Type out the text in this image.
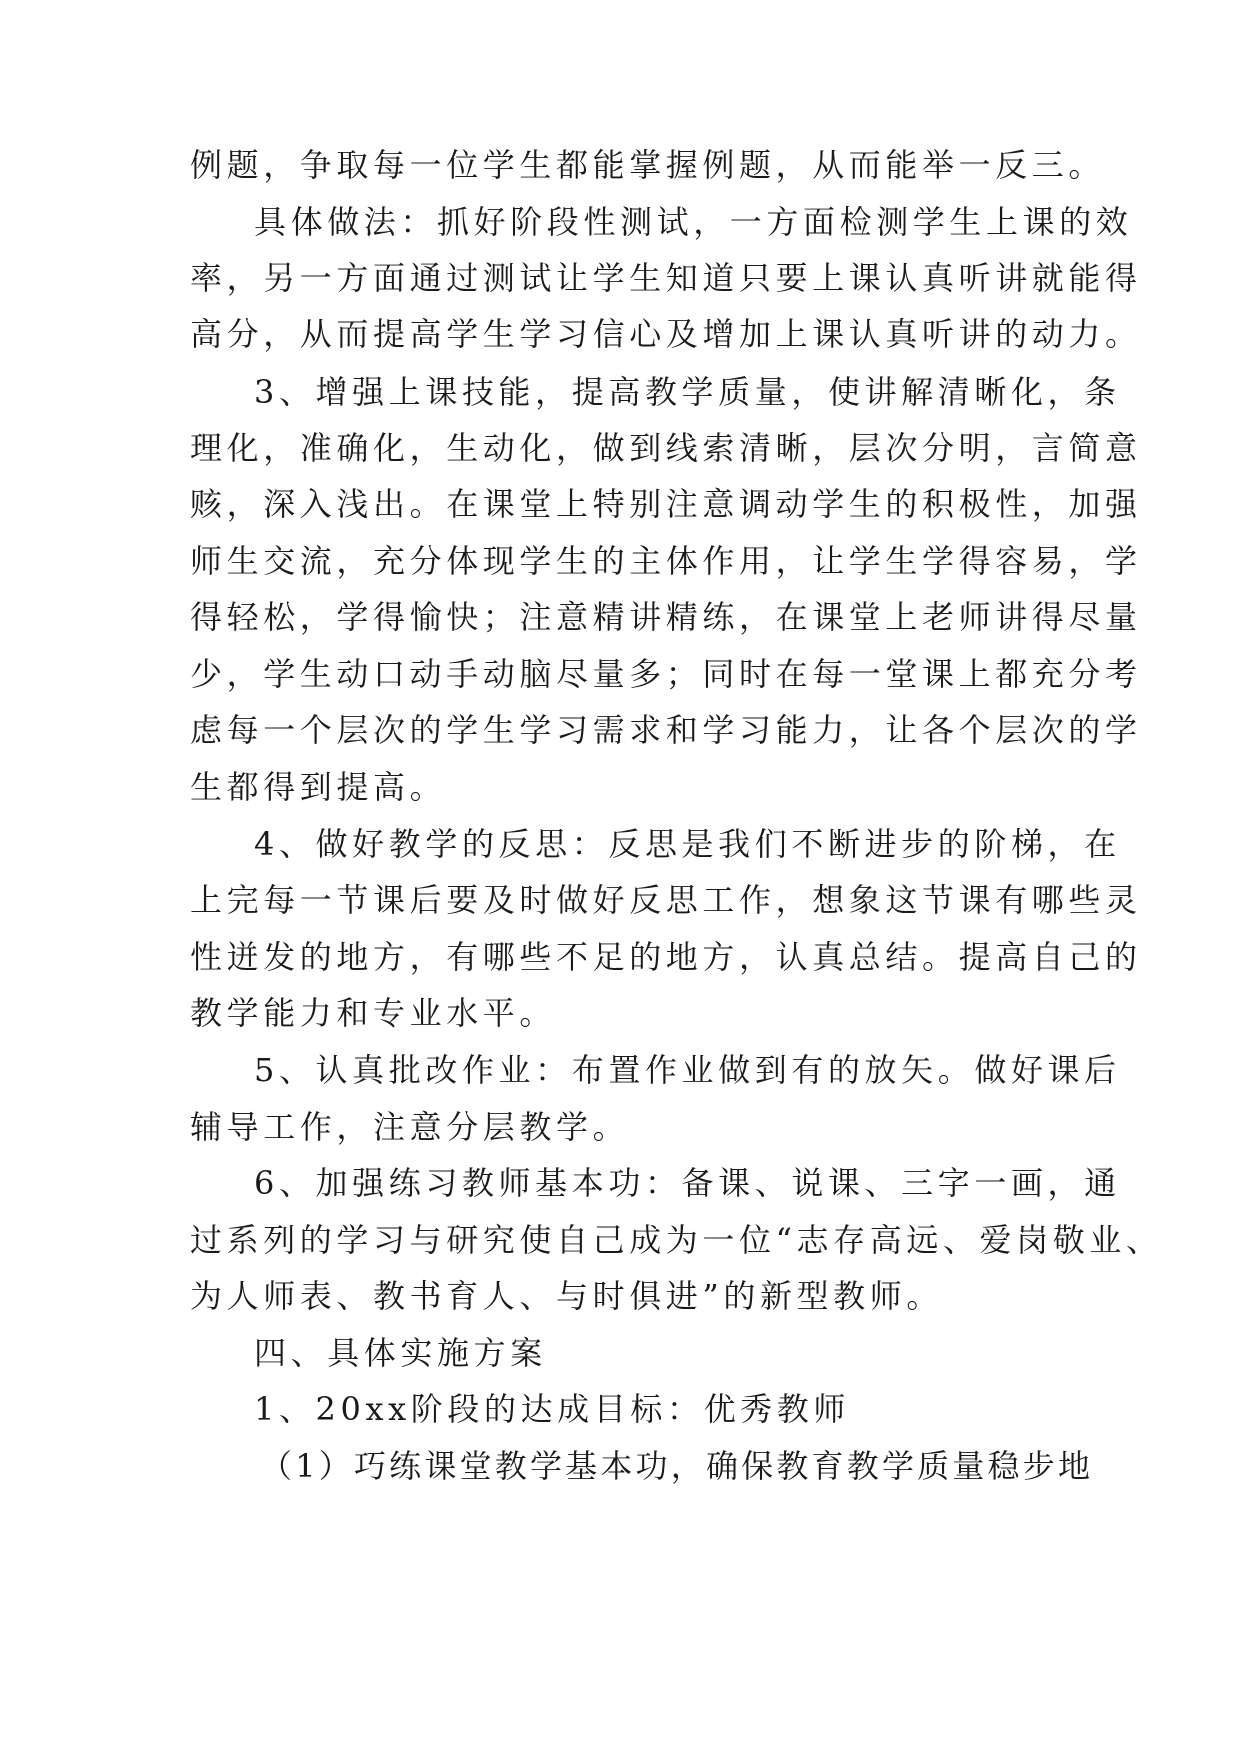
例题，争取每一位学生都能掌握例题，从而能举一反三。
具体做法：抓好阶段性测试，一方面检测学生上课的效
率，另一方面通过测试让学生知道只要上课认真听讲就能得
高分，从而提高学生学习信心及增加上课认真听讲的动力。
3、增强上课技能，提高教学质量，使讲解清晰化，条
理化，准确化，生动化，做到线索清晰，层次分明，言简意
赅，深入浅出。在课堂上特别注意调动学生的积极性，加强
师生交流，充分体现学生的主体作用，让学生学得容易，学
得轻松，学得愉快；注意精讲精练，在课堂上老师讲得尽量
少，学生动口动手动脑尽量多；同时在每一堂课上都充分考
虑每一个层次的学生学习需求和学习能力，让各个层次的学
生都得到提高。
4、做好教学的反思：反思是我们不断进步的阶梯，在
上完每一节课后要及时做好反思工作，想象这节课有哪些灵
性迸发的地方，有哪些不足的地方，认真总结。提高自己的
教学能力和专业水平。
5、认真批改作业：布置作业做到有的放矢。做好课后
辅导工作，注意分层教学。
6、加强练习教师基本功：备课、说课、三字一画，通
过系列的学习与研究使自己成为一位“志存高远、爱岗敬业、
为人师表、教书育人、与时俱进”的新型教师。
四、具体实施方案
1、20xx阶段的达成目标：优秀教师
（1）巧练课堂教学基本功，确保教育教学质量稳步地
